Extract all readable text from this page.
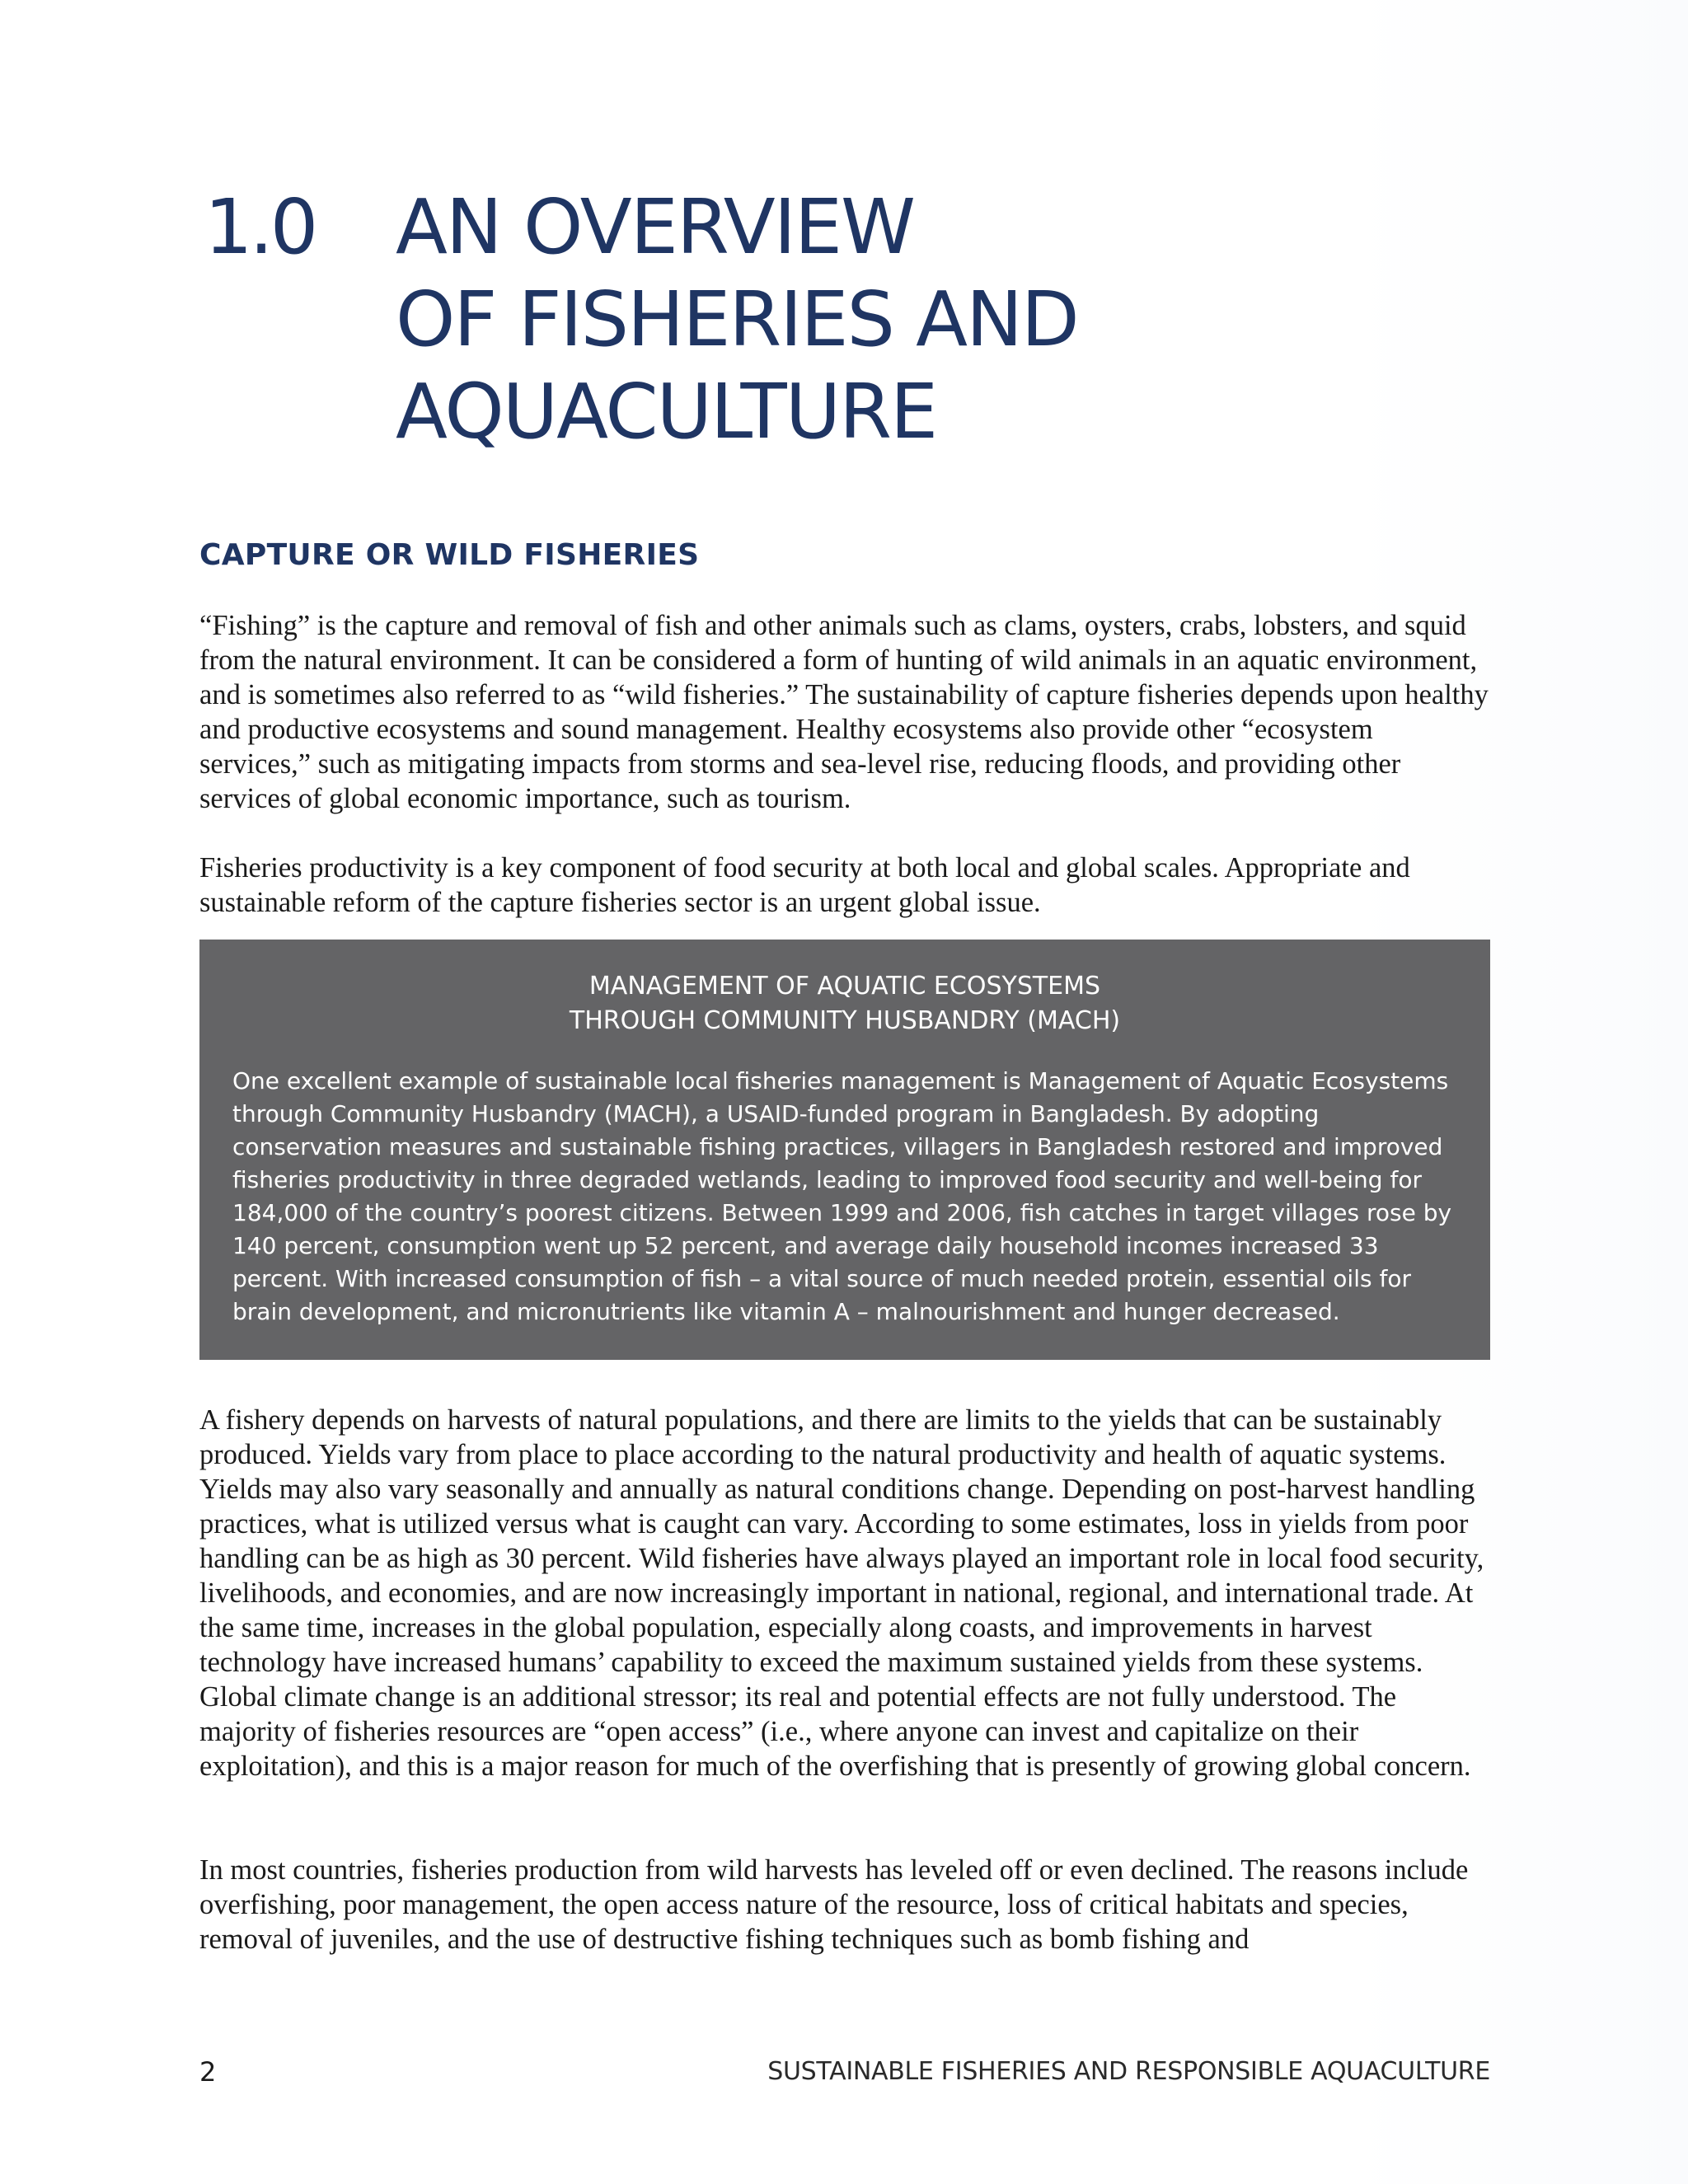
1.0 AN OVERVIEW
OF FISHERIES AND
AQUACULTURE
CAPTURE OR WILD FISHERIES

“Fishing” is the capture and removal of fish and other animals such as clams, oysters, crabs, lobsters, and squid from the natural environment. It can be considered a form of hunting of wild animals in an aquatic environment, and is sometimes also referred to as “wild fisheries.” The sustainability of capture fisheries depends upon healthy and productive ecosystems and sound management. Healthy ecosystems also provide other “ecosystem services,” such as mitigating impacts from storms and sea-level rise, reducing floods, and providing other services of global economic importance, such as tourism.

Fisheries productivity is a key component of food security at both local and global scales. Appropriate and sustainable reform of the capture fisheries sector is an urgent global issue.

MANAGEMENT OF AQUATIC ECOSYSTEMS
THROUGH COMMUNITY HUSBANDRY (MACH)

One excellent example of sustainable local fisheries management is Management of Aquatic Ecosystems through Community Husbandry (MACH), a USAID-funded program in Bangladesh. By adopting conservation measures and sustainable fishing practices, villagers in Bangladesh restored and improved fisheries productivity in three degraded wetlands, leading to improved food security and well-being for 184,000 of the country’s poorest citizens. Between 1999 and 2006, fish catches in target villages rose by 140 percent, consumption went up 52 percent, and average daily household incomes increased 33 percent. With increased consumption of fish – a vital source of much needed protein, essential oils for brain development, and micronutrients like vitamin A – malnourishment and hunger decreased.

A fishery depends on harvests of natural populations, and there are limits to the yields that can be sustainably produced. Yields vary from place to place according to the natural productivity and health of aquatic systems. Yields may also vary seasonally and annually as natural conditions change. Depending on post-harvest handling practices, what is utilized versus what is caught can vary. According to some estimates, loss in yields from poor handling can be as high as 30 percent. Wild fisheries have always played an important role in local food security, livelihoods, and economies, and are now increasingly important in national, regional, and international trade. At the same time, increases in the global population, especially along coasts, and improvements in harvest technology have increased humans’ capability to exceed the maximum sustained yields from these systems. Global climate change is an additional stressor; its real and potential effects are not fully understood. The majority of fisheries resources are “open access” (i.e., where anyone can invest and capitalize on their exploitation), and this is a major reason for much of the overfishing that is presently of growing global concern.

In most countries, fisheries production from wild harvests has leveled off or even declined. The reasons include overfishing, poor management, the open access nature of the resource, loss of critical habitats and species, removal of juveniles, and the use of destructive fishing techniques such as bomb fishing and

2	SUSTAINABLE FISHERIES AND RESPONSIBLE AQUACULTURE
